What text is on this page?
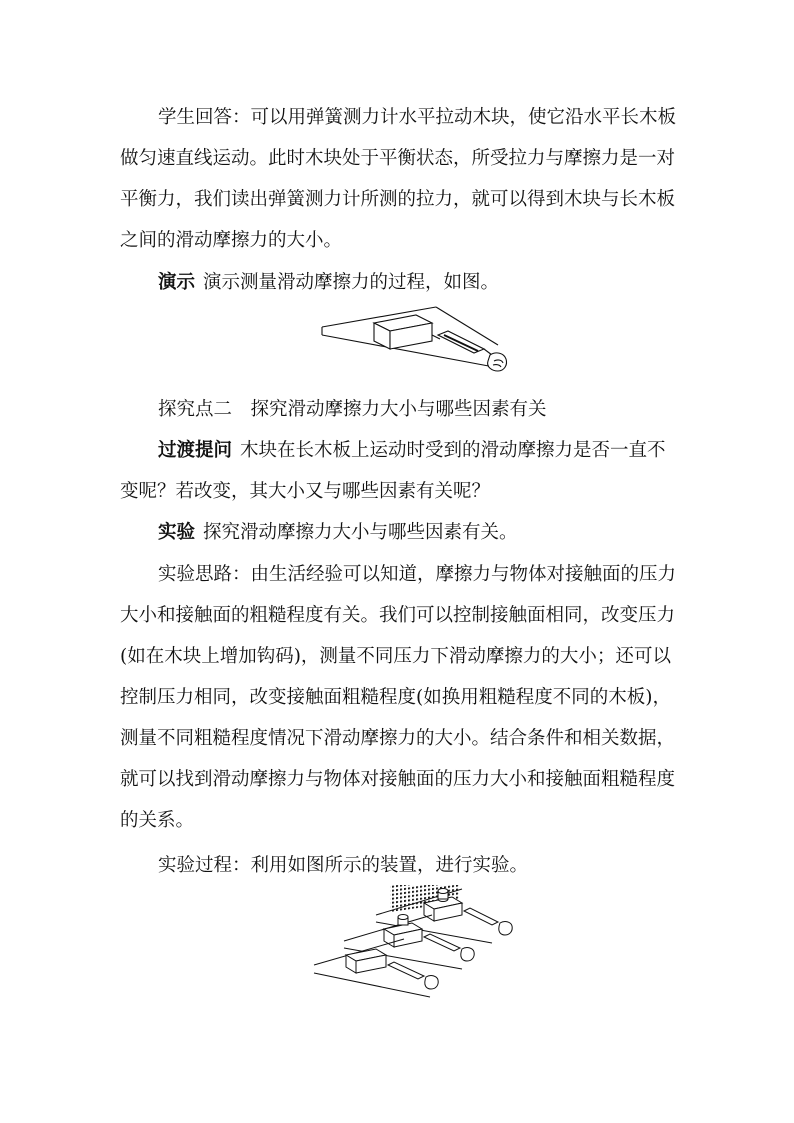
学生回答：可以用弹簧测力计水平拉动木块，使它沿水平长木板做匀速直线运动。此时木块处于平衡状态，所受拉力与摩擦力是一对平衡力，我们读出弹簧测力计所测的拉力，就可以得到木块与长木板之间的滑动摩擦力的大小。

演示 演示测量滑动摩擦力的过程，如图。

探究点二　探究滑动摩擦力大小与哪些因素有关

过渡提问 木块在长木板上运动时受到的滑动摩擦力是否一直不变呢？若改变，其大小又与哪些因素有关呢？

实验 探究滑动摩擦力大小与哪些因素有关。

实验思路：由生活经验可以知道，摩擦力与物体对接触面的压力大小和接触面的粗糙程度有关。我们可以控制接触面相同，改变压力(如在木块上增加钩码)，测量不同压力下滑动摩擦力的大小；还可以控制压力相同，改变接触面粗糙程度(如换用粗糙程度不同的木板)，测量不同粗糙程度情况下滑动摩擦力的大小。结合条件和相关数据，就可以找到滑动摩擦力与物体对接触面的压力大小和接触面粗糙程度的关系。

实验过程：利用如图所示的装置，进行实验。
